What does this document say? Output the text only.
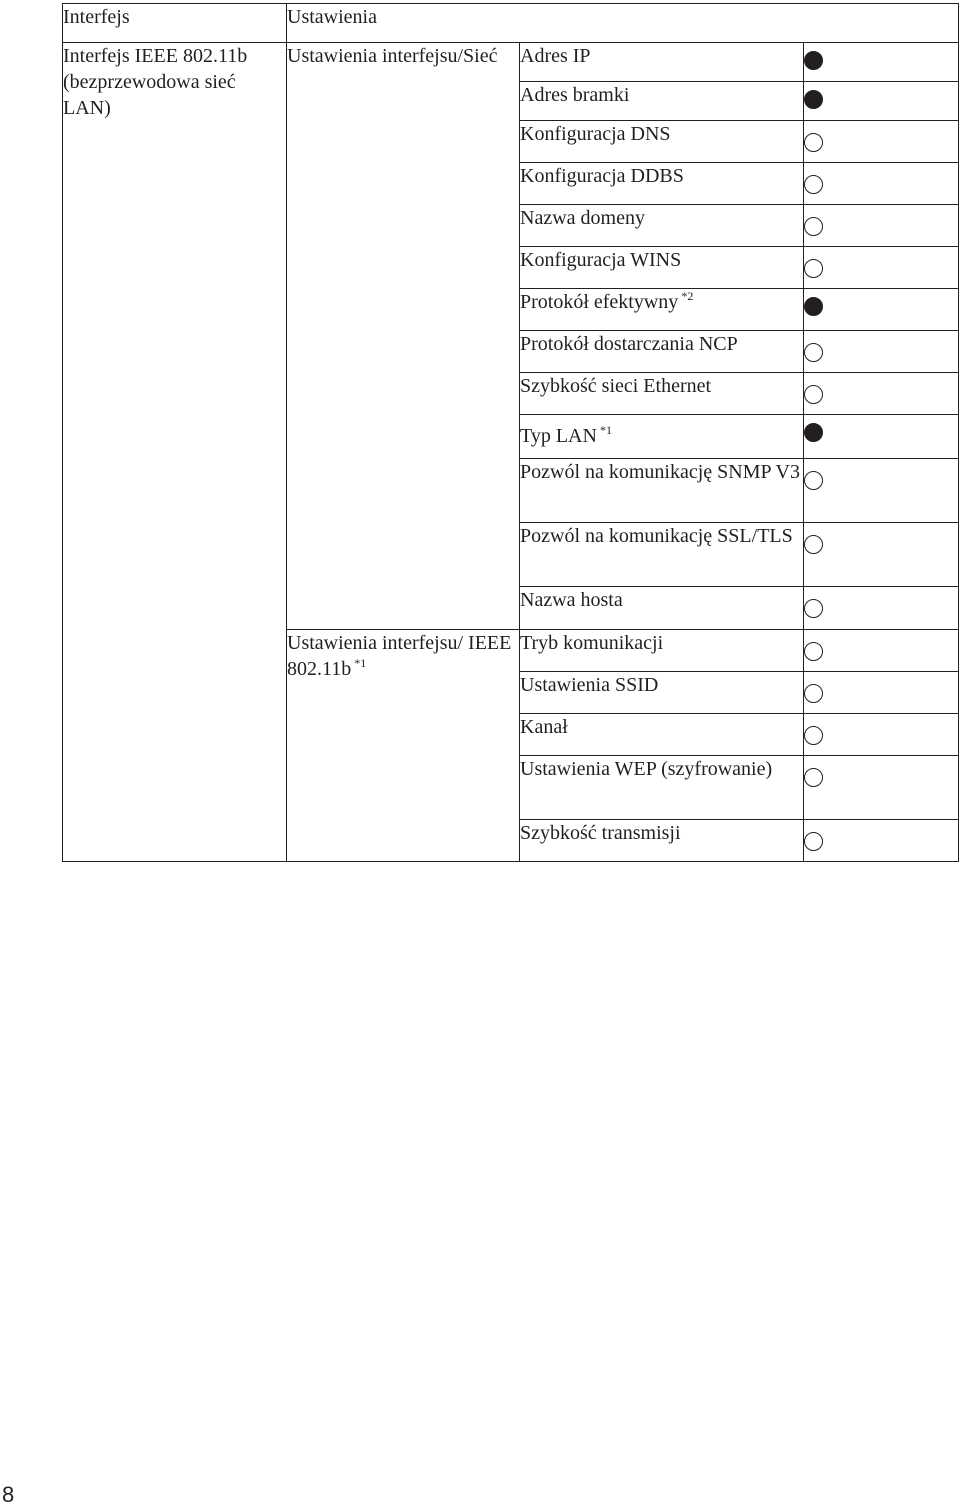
Interfejs	Ustawienia		
Interfejs IEEE 802.11b (bezprzewodowa sieć LAN)	Ustawienia interfejsu/Sieć	Adres IP	
		Adres bramki	
		Konfiguracja DNS	
		Konfiguracja DDBS	
		Nazwa domeny	
		Konfiguracja WINS	
		Protokół efektywny $^{*2}$	
		Protokół dostarczania NCP	
		Szybkość sieci Ethernet	
		Typ LAN $^{*1}$	
		Pozwól na komunikację SNMP V3	
		Pozwól na komunikację SSL/TLS	
		Nazwa hosta	
	Ustawienia interfejsu/ IEEE 802.11b $^{*1}$	Tryb komunikacji	
		Ustawienia SSID	
		Kanał	
		Ustawienia WEP (szyfrowanie)	
		Szybkość transmisji	
8
